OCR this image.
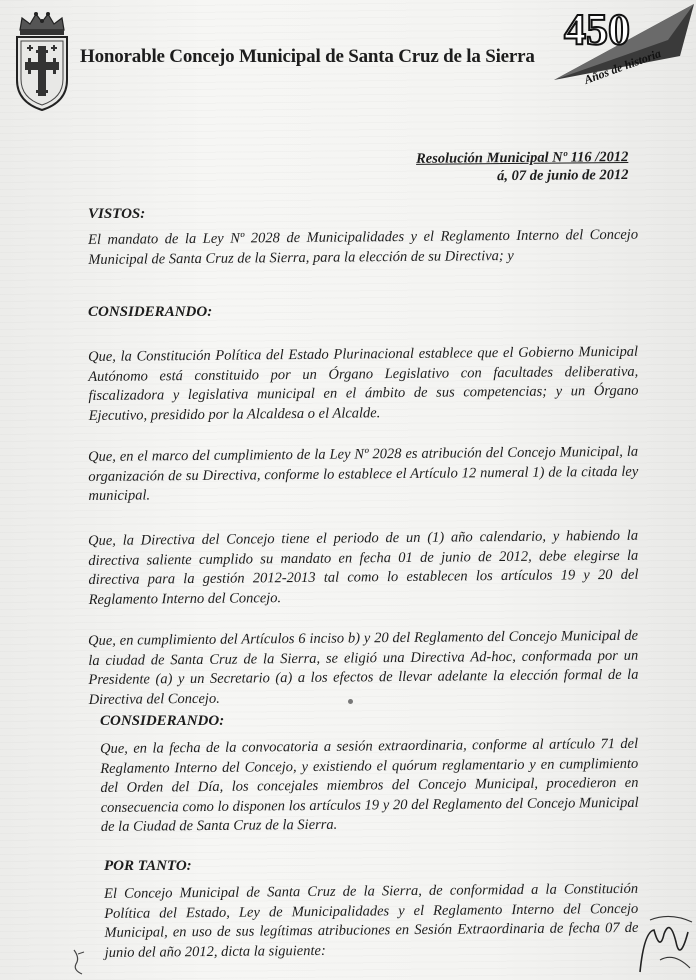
Honorable Concejo Municipal de Santa Cruz de la Sierra
450
Años de historia
Resolución Municipal Nº 116 /2012
á, 07 de junio de 2012
VISTOS:
El mandato de la Ley Nº 2028 de Municipalidades y el Reglamento Interno del Concejo Municipal de Santa Cruz de la Sierra, para la elección de su Directiva; y
CONSIDERANDO:
Que, la Constitución Política del Estado Plurinacional establece que el Gobierno Municipal Autónomo está constituido por un Órgano Legislativo con facultades deliberativa, fiscalizadora y legislativa municipal en el ámbito de sus competencias; y un Órgano Ejecutivo, presidido por la Alcaldesa o el Alcalde.
Que, en el marco del cumplimiento de la Ley Nº 2028 es atribución del Concejo Municipal, la organización de su Directiva, conforme lo establece el Artículo 12 numeral 1) de la citada ley municipal.
Que, la Directiva del Concejo tiene el periodo de un (1) año calendario, y habiendo la directiva saliente cumplido su mandato en fecha 01 de junio de 2012, debe elegirse la directiva para la gestión 2012-2013 tal como lo establecen los artículos 19 y 20 del Reglamento Interno del Concejo.
Que, en cumplimiento del Artículos 6 inciso b) y 20 del Reglamento del Concejo Municipal de la ciudad de Santa Cruz de la Sierra, se eligió una Directiva Ad-hoc, conformada por un Presidente (a) y un Secretario (a) a los efectos de llevar adelante la elección formal de la Directiva del Concejo.
CONSIDERANDO:
Que, en la fecha de la convocatoria a sesión extraordinaria, conforme al artículo 71 del Reglamento Interno del Concejo, y existiendo el quórum reglamentario y en cumplimiento del Orden del Día, los concejales miembros del Concejo Municipal, procedieron en consecuencia como lo disponen los artículos 19 y 20 del Reglamento del Concejo Municipal de la Ciudad de Santa Cruz de la Sierra.
POR TANTO:
El Concejo Municipal de Santa Cruz de la Sierra, de conformidad a la Constitución Política del Estado, Ley de Municipalidades y el Reglamento Interno del Concejo Municipal, en uso de sus legítimas atribuciones en Sesión Extraordinaria de fecha 07 de junio del año 2012, dicta la siguiente:
